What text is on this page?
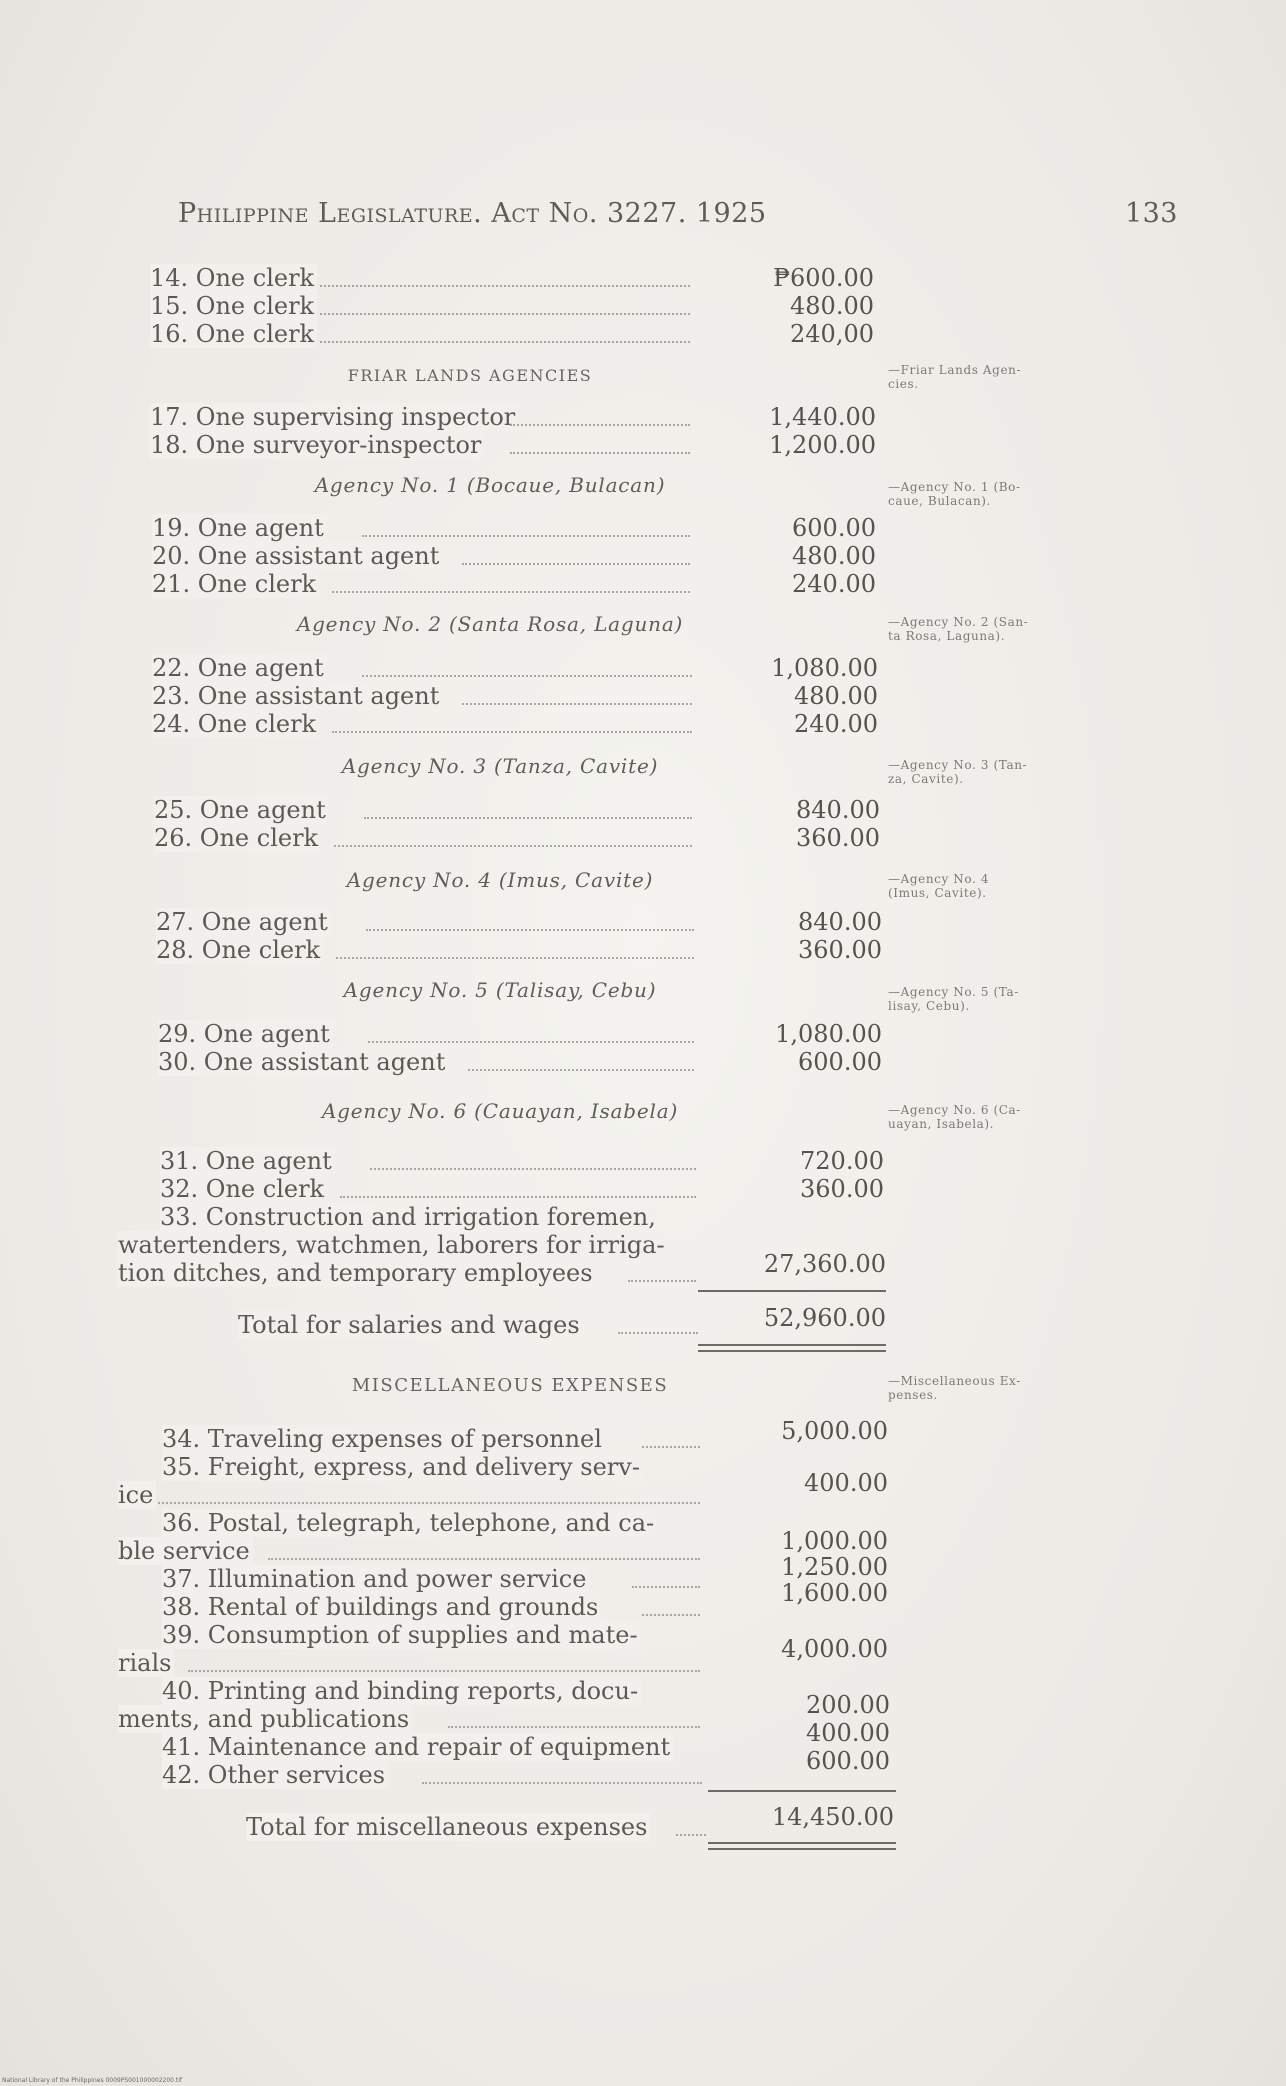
Philippine Legislature. Act No. 3227. 1925	133
14. One clerk	₱600.00
15. One clerk	480.00
16. One clerk	240,00
FRIAR LANDS AGENCIES	—Friar Lands Agen-
cies.
17. One supervising inspector	1,440.00
18. One surveyor-inspector	1,200.00
Agency No. 1 (Bocaue, Bulacan)	—Agency No. 1 (Bo-
caue, Bulacan).
19. One agent	600.00
20. One assistant agent	480.00
21. One clerk	240.00
Agency No. 2 (Santa Rosa, Laguna)	—Agency No. 2 (San-
ta Rosa, Laguna).
22. One agent	1,080.00
23. One assistant agent	480.00
24. One clerk	240.00
Agency No. 3 (Tanza, Cavite)	—Agency No. 3 (Tan-
za, Cavite).
25. One agent	840.00
26. One clerk	360.00
Agency No. 4 (Imus, Cavite)	—Agency No. 4
(Imus, Cavite).
27. One agent	840.00
28. One clerk	360.00
Agency No. 5 (Talisay, Cebu)	—Agency No. 5 (Ta-
lisay, Cebu).
29. One agent	1,080.00
30. One assistant agent	600.00
Agency No. 6 (Cauayan, Isabela)	—Agency No. 6 (Ca-
uayan, Isabela).
31. One agent	720.00
32. One clerk	360.00
33. Construction and irrigation foremen,
watertenders, watchmen, laborers for irriga-
tion ditches, and temporary employees	27,360.00
Total for salaries and wages	52,960.00
MISCELLANEOUS EXPENSES	—Miscellaneous Ex-
penses.
34. Traveling expenses of personnel	5,000.00
35. Freight, express, and delivery serv-
ice	400.00
36. Postal, telegraph, telephone, and ca-
ble service	1,000.00
37. Illumination and power service	1,250.00
38. Rental of buildings and grounds	1,600.00
39. Consumption of supplies and mate-
rials	4,000.00
40. Printing and binding reports, docu-
ments, and publications	200.00
41. Maintenance and repair of equipment	400.00
42. Other services	600.00
Total for miscellaneous expenses	14,450.00
National Library of the Philippines 0009PS001000002200.tif
